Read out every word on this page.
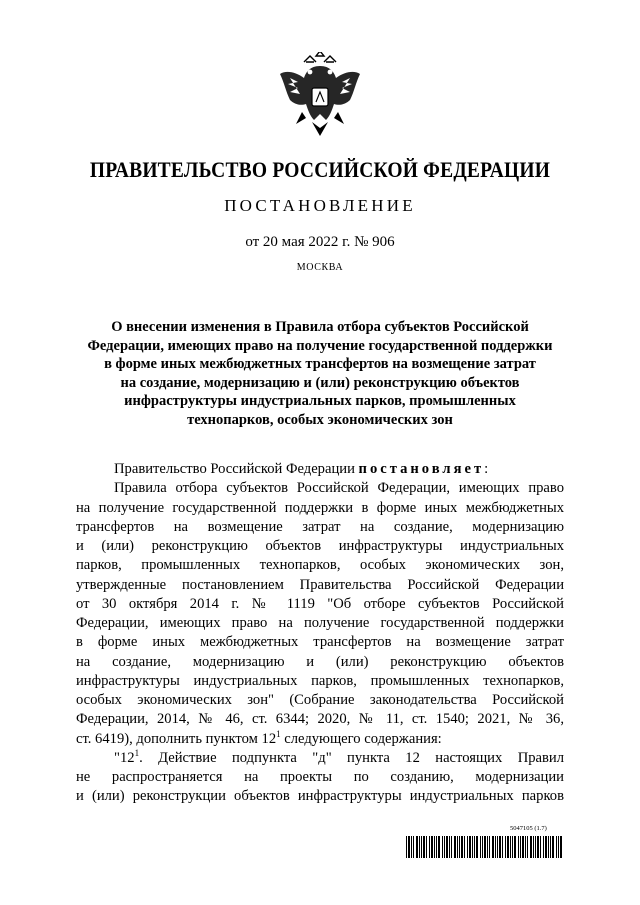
ПРАВИТЕЛЬСТВО РОССИЙСКОЙ ФЕДЕРАЦИИ
ПОСТАНОВЛЕНИЕ
от 20 мая 2022 г. № 906
МОСКВА
О внесении изменения в Правила отбора субъектов Российской
Федерации, имеющих право на получение государственной поддержки
в форме иных межбюджетных трансфертов на возмещение затрат
на создание, модернизацию и (или) реконструкцию объектов
инфраструктуры индустриальных парков, промышленных
технопарков, особых экономических зон
Правительство Российской Федерации постановляет:
Правила отбора субъектов Российской Федерации, имеющих право
на получение государственной поддержки в форме иных межбюджетных
трансфертов на возмещение затрат на создание, модернизацию
и (или) реконструкцию объектов инфраструктуры индустриальных
парков, промышленных технопарков, особых экономических зон,
утвержденные постановлением Правительства Российской Федерации
от 30 октября 2014 г. № 1119 "Об отборе субъектов Российской
Федерации, имеющих право на получение государственной поддержки
в форме иных межбюджетных трансфертов на возмещение затрат
на создание, модернизацию и (или) реконструкцию объектов
инфраструктуры индустриальных парков, промышленных технопарков,
особых экономических зон" (Собрание законодательства Российской
Федерации, 2014, № 46, ст. 6344; 2020, № 11, ст. 1540; 2021, № 36,
ст. 6419), дополнить пунктом $12^1$ следующего содержания:
"$12^1$. Действие подпункта "д" пункта 12 настоящих Правил
не распространяется на проекты по созданию, модернизации
и (или) реконструкции объектов инфраструктуры индустриальных парков
5047105 (1.7)
